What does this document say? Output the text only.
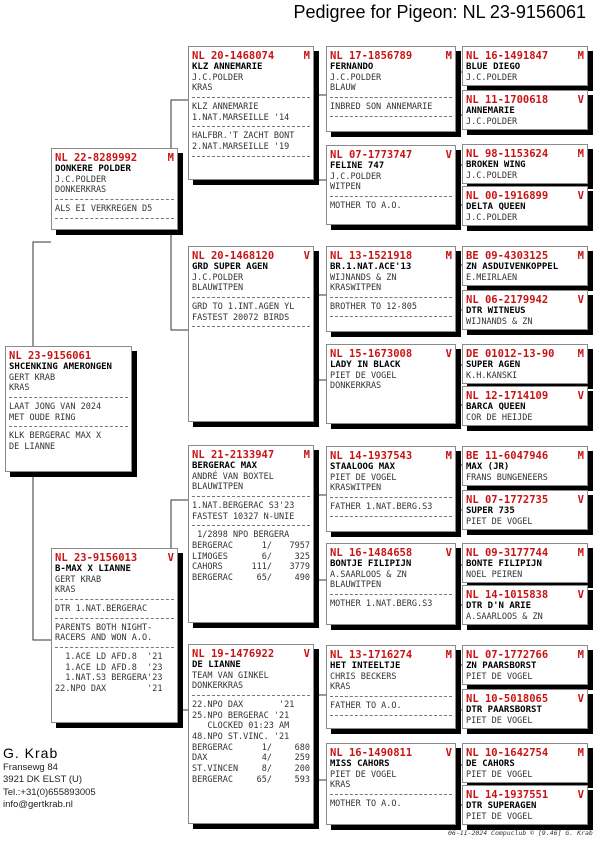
Pedigree for Pigeon: NL 23-9156061
NL 23-9156061
SHCENKING AMERONGEN
GERT KRAB
KRAS
LAAT JONG VAN 2024
MET OUDE RING
KLK BERGERAC MAX X
DE LIANNE
NL 22-8289992	M
DONKERE POLDER
J.C.POLDER
DONKERKRAS
ALS EI VERKREGEN D5
NL 23-9156013	V
B-MAX X LIANNE
GERT KRAB
KRAS
DTR 1.NAT.BERGERAC
PARENTS BOTH NIGHT-
RACERS AND WON A.O.
1.ACE LD AFD.8  '21
1.ACE LD AFD.8  '23
1.NAT.S3 BERGERA'23
22.NPO DAX        '21
NL 20-1468074	M
KLZ ANNEMARIE
J.C.POLDER
KRAS
KLZ ANNEMARIE
1.NAT.MARSEILLE '14
HALFBR.'T ZACHT BONT
2.NAT.MARSEILLE '19
NL 20-1468120	V
GRD SUPER AGEN
J.C.POLDER
BLAUWITPEN
GRD TO 1.INT.AGEN YL
FASTEST 20072 BIRDS
NL 21-2133947	M
BERGERAC MAX
ANDRÉ VAN BOXTEL
BLAUWITPEN
1.NAT.BERGERAC S3'23
FASTEST 10327 N-UNIE
1/2898 NPO BERGERA
BERGERAC	1/	7957
LIMOGES	6/	325
CAHORS	111/	3779
BERGERAC	65/	490
NL 19-1476922	V
DE LIANNE
TEAM VAN GINKEL
DONKERKRAS
22.NPO DAX       '21
25.NPO BERGERAC '21
CLOCKED 01:23 AM
48.NPO ST.VINC. '21
BERGERAC	1/	680
DAX	4/	259
ST.VINCEN	8/	200
BERGERAC	65/	593
NL 17-1856789	M
FERNANDO
J.C.POLDER
BLAUW
INBRED SON ANNEMARIE
NL 07-1773747	V
FELINE 747
J.C.POLDER
WITPEN
MOTHER TO A.O.
NL 13-1521918	M
BR.1.NAT.ACE'13
WIJNANDS & ZN
KRASWITPEN
BROTHER TO 12-805
NL 15-1673008	V
LADY IN BLACK
PIET DE VOGEL
DONKERKRAS
NL 14-1937543	M
STAALOOG MAX
PIET DE VOGEL
KRASWITPEN
FATHER 1.NAT.BERG.S3
NL 16-1484658	V
BONTJE FILIPIJN
A.SAARLOOS & ZN
BLAUWITPEN
MOTHER 1.NAT.BERG.S3
NL 13-1716274	M
HET INTEELTJE
CHRIS BECKERS
KRAS
FATHER TO A.O.
NL 16-1490811	V
MISS CAHORS
PIET DE VOGEL
KRAS
MOTHER TO A.O.
NL 16-1491847	M
BLUE DIEGO
J.C.POLDER
NL 11-1700618	V
ANNEMARIE
J.C.POLDER
NL 98-1153624	M
BROKEN WING
J.C.POLDER
NL 00-1916899	V
DELTA QUEEN
J.C.POLDER
BE 09-4303125	M
ZN ASDUIVENKOPPEL
E.MEIRLAEN
NL 06-2179942	V
DTR WITNEUS
WIJNANDS & ZN
DE 01012-13-90	M
SUPER AGEN
K.H.KANSKI
NL 12-1714109	V
BARCA QUEEN
COR DE HEIJDE
BE 11-6047946	M
MAX (JR)
FRANS BUNGENEERS
NL 07-1772735	V
SUPER 735
PIET DE VOGEL
NL 09-3177744	M
BONTE FILIPIJN
NOEL PEIREN
NL 14-1015838	V
DTR D'N ARIE
A.SAARLOOS & ZN
NL 07-1772766	M
ZN PAARSBORST
PIET DE VOGEL
NL 10-5018065	V
DTR PAARSBORST
PIET DE VOGEL
NL 10-1642754	M
DE CAHORS
PIET DE VOGEL
NL 14-1937551	V
DTR SUPERAGEN
PIET DE VOGEL
G. Krab
Fransewg 84
3921 DK ELST (U)
Tel.:+31(0)655893005
info@gertkrab.nl
06-11-2024 Compuclub © [9.46] G. Krab
